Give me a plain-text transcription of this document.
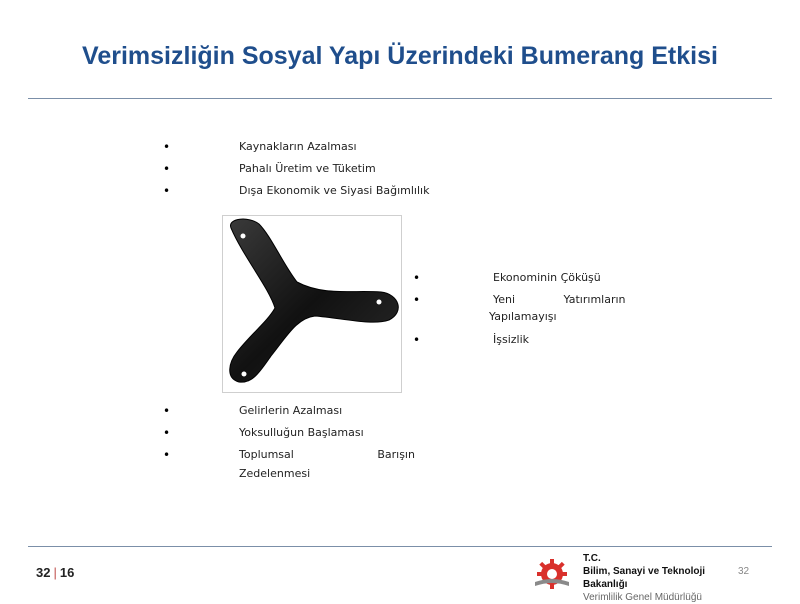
Verimsizliğin Sosyal Yapı Üzerindeki Bumerang Etkisi
• Kaynakların Azalması
• Pahalı Üretim ve Tüketim
• Dışa Ekonomik ve Siyasi Bağımlılık
• Ekonominin Çöküşü
• Yeni Yatırımların
Yapılamayışı
• İşsizlik
• Gelirlerin Azalması
• Yoksulluğun Başlaması
• Toplumsal Barışın
Zedelenmesi
32 | 16
T.C.
Bilim, Sanayi ve Teknoloji
Bakanlığı
Verimlilik Genel Müdürlüğü
32
